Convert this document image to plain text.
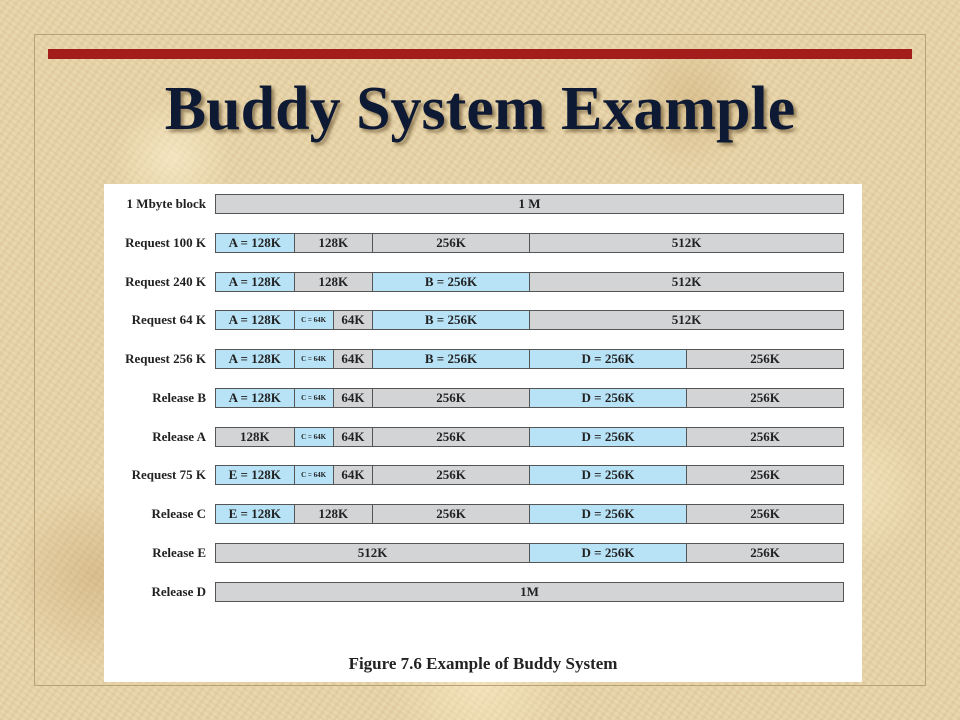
Buddy System Example
1 Mbyte block	1 M
Request 100 K	A = 128K	128K	256K	512K
Request 240 K	A = 128K	128K	B = 256K	512K
Request 64 K	A = 128K	C = 64K	64K	B = 256K	512K
Request 256 K	A = 128K	C = 64K	64K	B = 256K	D = 256K	256K
Release B	A = 128K	C = 64K	64K	256K	D = 256K	256K
Release A	128K	C = 64K	64K	256K	D = 256K	256K
Request 75 K	E = 128K	C = 64K	64K	256K	D = 256K	256K
Release C	E = 128K	128K	256K	D = 256K	256K
Release E	512K	D = 256K	256K
Release D	1M
Figure 7.6 Example of Buddy System
